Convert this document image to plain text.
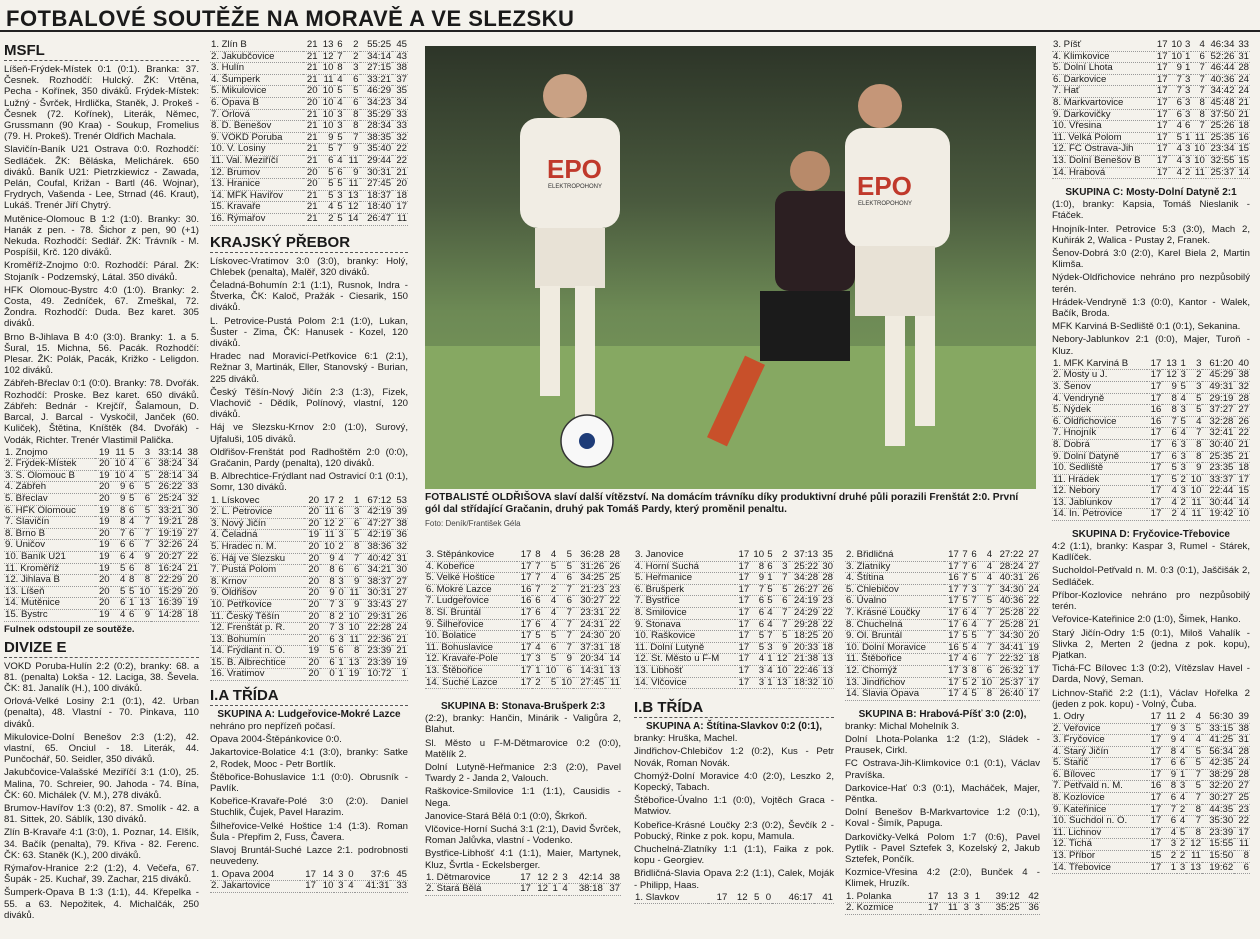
FOTBALOVÉ SOUTĚŽE NA MORAVĚ A VE SLEZSKU
MSFL

Líšeň-Frýdek-Místek 0:1 (0:1). Branka: 37. Česnek. Rozhodčí: Hulcký. ŽK: Vrtěna, Pecha - Kořínek, 350 diváků. Frýdek-Místek: Lužný - Švrček, Hrdlička, Staněk, J. Prokeš - Česnek (72. Kořínek), Literák, Němec, Grussmann (90 Kraa) - Soukup, Fromelius (79. H. Prokeš). Trenér Oldřich Machala.

Slavičín-Baník U21 Ostrava 0:0. Rozhodčí: Sedláček. ŽK: Běláska, Melichárek. 650 diváků. Baník U21: Pietrzkiewicz - Zawada, Pelán, Coufal, Križan - Bartl (46. Wojnar), Frydrych, Vašenda - Lee, Strnad (46. Kraut), Lukáš. Trenér Jiří Chytrý.

Mutěnice-Olomouc B 1:2 (1:0). Branky: 30. Hanák z pen. - 78. Šichor z pen, 90 (+1) Nekuda. Rozhodčí: Sedlář. ŽK: Trávník - M. Pospíšil, Krč. 120 diváků.

Kroměříž-Znojmo 0:0. Rozhodčí: Páral. ŽK: Stojaník - Podzemský, Látal. 350 diváků.

HFK Olomouc-Bystrc 4:0 (1:0). Branky: 2. Costa, 49. Zedníček, 67. Zmeškal, 72. Žondra. Rozhodčí: Duda. Bez karet. 305 diváků.

Brno B-Jihlava B 4:0 (3:0). Branky: 1. a 5. Šural, 15. Michna, 56. Pacák. Rozhodčí: Plesar. ŽK: Polák, Pacák, Križko - Leligdon. 102 diváků.

Zábřeh-Břeclav 0:1 (0:0). Branky: 78. Dvořák. Rozhodčí: Proske. Bez karet. 650 diváků. Zábřeh: Bednár - Krejčíř, Šalamoun, D. Barcal, J. Barcal - Vyskočil, Janček (60. Kuliček), Štětina, Kníštěk (84. Dvořák) - Vodák, Richter. Trenér Vlastimil Palička.

1. Znojmo	19	11	5	3	33:14	38
2. Frýdek-Místek	20	10	4	6	38:24	34
3. S. Olomouc B	19	10	4	5	28:14	34
4. Zábřeh	20	9	6	5	26:22	33
5. Břeclav	20	9	5	6	25:24	32
6. HFK Olomouc	19	8	6	5	33:21	30
7. Slavičín	19	8	4	7	19:21	28
8. Brno B	20	7	6	7	19:19	27
9. Uničov	19	6	6	7	32:26	24
10. Baník U21	19	6	4	9	20:27	22
11. Kroměříž	19	5	6	8	16:24	21
12. Jihlava B	20	4	8	8	22:29	20
13. Líšeň	20	5	5	10	15:29	20
14. Mutěnice	20	6	1	13	16:39	19
15. Bystrc	19	4	6	9	14:28	18
Fulnek odstoupil ze soutěže.
DIVIZE E

VOKD Poruba-Hulín 2:2 (0:2), branky: 68. a 81. (penalta) Lokša - 12. Laciga, 38. Ševela. ČK: 81. Janalík (H.), 100 diváků.

Orlová-Velké Losiny 2:1 (0:1), 42. Urban (penalta), 48. Vlastní - 70. Pinkava, 110 diváků.

Mikulovice-Dolní Benešov 2:3 (1:2), 42. vlastní, 65. Onciul - 18. Literák, 44. Punčochář, 50. Seidler, 350 diváků.

Jakubčovice-Valašské Meziříčí 3:1 (1:0), 25. Malina, 70. Schreier, 90. Jahoda - 74. Bína, ČK: 60. Michálek (V. M.), 278 diváků.

Brumov-Havířov 1:3 (0:2), 87. Smolík - 42. a 81. Sittek, 20. Sáblík, 130 diváků.

Zlín B-Kravaře 4:1 (3:0), 1. Poznar, 14. Elšík, 34. Bačík (penalta), 79. Křiva - 82. Ferenc. ČK: 63. Staněk (K.), 200 diváků.

Rýmařov-Hranice 2:2 (1:2), 4. Večeřa, 67. Šupák - 25. Kuchař, 39. Zachar, 215 diváků.

Šumperk-Opava B 1:3 (1:1), 44. Křepelka - 55. a 63. Nepožitek, 4. Michalčák, 250 diváků.

1. Zlín B	21	13	6	2	55:25	45
2. Jakubčovice	21	12	7	2	34:14	43
3. Hulín	21	10	8	3	27:15	38
4. Šumperk	21	11	4	6	33:21	37
5. Mikulovice	20	10	5	5	46:29	35
6. Opava B	20	10	4	6	34:23	34
7. Orlová	21	10	3	8	35:29	33
8. D. Benešov	21	10	3	8	28:34	33
9. VOKD Poruba	21	9	5	7	38:35	32
10. V. Losiny	21	5	7	9	35:40	22
11. Val. Meziříčí	21	6	4	11	29:44	22
12. Brumov	20	5	6	9	30:31	21
13. Hranice	20	5	5	11	27:45	20
14. MFK Havířov	21	5	3	13	18:37	18
15. Kravaře	21	4	5	12	18:40	17
16. Rýmařov	21	2	5	14	26:47	11
KRAJSKÝ PŘEBOR

Lískovec-Vratimov 3:0 (3:0), branky: Holý, Chlebek (penalta), Malěř, 320 diváků.

Čeladná-Bohumín 2:1 (1:1), Rusnok, Indra - Štverka, ČK: Kaloč, Pražák - Ciesarik, 150 diváků.

L. Petrovice-Pustá Polom 2:1 (1:0), Lukan, Šuster - Zima, ČK: Hanusek - Kozel, 120 diváků.

Hradec nad Moravicí-Petřkovice 6:1 (2:1), Režnar 3, Martinák, Eller, Stanovský - Burian, 225 diváků.

Český Těšín-Nový Jičín 2:3 (1:3), Fizek, Vlachovič - Dědík, Polínový, vlastní, 120 diváků.

Háj ve Slezsku-Krnov 2:0 (1:0), Surový, Ujfaluši, 105 diváků.

Oldřišov-Frenštát pod Radhoštěm 2:0 (0:0), Gračanin, Pardy (penalta), 120 diváků.

B. Albrechtice-Frýdlant nad Ostravicí 0:1 (0:1), Somr, 130 diváků.

1. Lískovec	20	17	2	1	67:12	53
2. L. Petrovice	20	11	6	3	42:19	39
3. Nový Jičín	20	12	2	6	47:27	38
4. Čeladná	19	11	3	5	42:19	36
5. Hradec n. M.	20	10	2	8	38:36	32
6. Háj ve Slezsku	20	9	4	7	40:42	31
7. Pustá Polom	20	8	6	6	34:21	30
8. Krnov	20	8	3	9	38:37	27
9. Oldřišov	20	9	0	11	30:31	27
10. Petřkovice	20	7	3	9	33:43	27
11. Český Těšín	20	8	2	10	29:31	26
12. Frenštát p. R.	20	7	3	10	22:28	24
13. Bohumín	20	6	3	11	22:36	21
14. Frýdlant n. O.	19	5	6	8	23:39	21
15. B. Albrechtice	20	6	1	13	23:39	19
16. Vratimov	20	0	1	19	10:72	1
I.A TŘÍDA
SKUPINA A: Ludgeřovice-Mokré Lazce

nehráno pro nepřízeň počasí.

Opava 2004-Štěpánkovice 0:0.

Jakartovice-Bolatice 4:1 (3:0), branky: Satke 2, Rodek, Mooc - Petr Bortlík.

Štěbořice-Bohuslavice 1:1 (0:0). Obrusník - Pavlík.

Kobeřice-Kravaře-Polé 3:0 (2:0). Daniel Stuchlik, Čujek, Pavel Harazim.

Šilheřovice-Velké Hoštice 1:4 (1:3). Roman Šula - Přepřim 2, Fuss, Čavera.

Slavoj Bruntál-Suché Lazce 2:1. podrobnosti neuvedeny.

1. Opava 2004	17	14	3	0	37:6	45
2. Jakartovice	17	10	3	4	41:31	33
EPO
ELEKTROPOHONY	EPO
ELEKTROPOHONY
FOTBALISTÉ OLDŘIŠOVA slaví další vítězství. Na domácím trávníku díky produktivní druhé půli porazili Frenštát 2:0. První gól dal střídající Gračanin, druhý pak Tomáš Pardy, který proměnil penaltu.
Foto: Deník/František Géla
3. Štěpánkovice	17	8	4	5	36:28	28
4. Kobeřice	17	7	5	5	31:26	26
5. Velké Hoštice	17	7	4	6	34:25	25
6. Mokré Lazce	16	7	2	7	21:23	23
7. Ludgeřovice	16	6	4	6	30:27	22
8. Sl. Bruntál	17	6	4	7	23:31	22
9. Šilheřovice	17	6	4	7	24:31	22
10. Bolatice	17	5	5	7	24:30	20
11. Bohuslavice	17	4	6	7	37:31	18
12. Kravaře-Pole	17	3	5	9	20:34	14
13. Štěbořice	17	1	10	6	14:31	13
14. Suché Lazce	17	2	5	10	27:45	11
SKUPINA B: Stonava-Brušperk 2:3

(2:2), branky: Hančin, Minárik - Valigůra 2, Blahut.

Sl. Město u F-M-Dětmarovice 0:2 (0:0), Matělík 2.

Dolní Lutyně-Heřmanice 2:3 (2:0), Pavel Twardy 2 - Janda 2, Valouch.

Raškovice-Smilovice 1:1 (1:1), Causidis - Nega.

Janovice-Stará Bělá 0:1 (0:0), Škrkoň.

Vlčovice-Horní Suchá 3:1 (2:1), David Švrček, Roman Jalůvka, vlastní - Vodenko.

Bystřice-Libhošť 4:1 (1:1), Maier, Martynek, Kluz, Švrtla - Eckelsberger.

1. Dětmarovice	17	12	2	3	42:14	38
2. Stará Bělá	17	12	1	4	38:18	37
3. Janovice	17	10	5	2	37:13	35
4. Horní Suchá	17	8	6	3	25:22	30
5. Heřmanice	17	9	1	7	34:28	28
6. Brušperk	17	7	5	5	26:27	26
7. Bystřice	17	6	5	6	24:19	23
8. Smilovice	17	6	4	7	24:29	22
9. Stonava	17	6	4	7	29:28	22
10. Raškovice	17	5	7	5	18:25	20
11. Dolní Lutyně	17	5	3	9	20:33	18
12. St. Město u F-M	17	4	1	12	21:38	13
13. Libhošť	17	3	4	10	22:46	13
14. Vlčovice	17	3	1	13	18:32	10
I.B TŘÍDA
SKUPINA A: Štítina-Slavkov 0:2 (0:1),

branky: Hruška, Machel.

Jindřichov-Chlebičov 1:2 (0:2), Kus - Petr Novák, Roman Novák.

Chomýž-Dolní Moravice 4:0 (2:0), Leszko 2, Kopecký, Tabach.

Štěbořice-Úvalno 1:1 (0:0), Vojtěch Graca - Matwiov.

Kobeřice-Krásné Loučky 2:3 (0:2), Ševčík 2 - Pobucký, Rinke z pok. kopu, Mamula.

Chuchelná-Zlatníky 1:1 (1:1), Faika z pok. kopu - Georgiev.

Břidličná-Slavia Opava 2:2 (1:1), Calek, Moják - Philipp, Haas.

1. Slavkov	17	12	5	0	46:17	41
2. Břidličná	17	7	6	4	27:22	27
3. Zlatníky	17	7	6	4	28:24	27
4. Štítina	16	7	5	4	40:31	26
5. Chlebičov	17	7	3	7	34:30	24
6. Úvalno	17	5	7	5	40:36	22
7. Krásné Loučky	17	6	4	7	25:28	22
8. Chuchelná	17	6	4	7	25:28	21
9. Ol. Bruntál	17	5	5	7	34:30	20
10. Dolní Moravice	16	5	4	7	34:41	19
11. Štěbořice	17	4	6	7	22:32	18
12. Chomýž	17	3	8	6	26:32	17
13. Jindřichov	17	5	2	10	25:37	17
14. Slavia Opava	17	4	5	8	26:40	17
SKUPINA B: Hrabová-Píšť 3:0 (2:0),

branky: Michal Mohelník 3.

Dolní Lhota-Polanka 1:2 (1:2), Sládek - Prausek, Cirkl.

FC Ostrava-Jih-Klimkovice 0:1 (0:1), Václav Pravíška.

Darkovice-Hať 0:3 (0:1), Macháček, Majer, Pěntka.

Dolní Benešov B-Markvartovice 1:2 (0:1), Koval - Šimík, Papuga.

Darkovičky-Velká Polom 1:7 (0:6), Pavel Pytlík - Pavel Sztefek 3, Kozelský 2, Jakub Sztefek, Pončík.

Kozmice-Vřesina 4:2 (2:0), Bunček 4 - Klimek, Hruzík.

1. Polanka	17	13	3	1	39:12	42
2. Kozmice	17	11	3	3	35:25	36
3. Píšť	17	10	3	4	46:34	33
4. Klimkovice	17	10	1	6	52:26	31
5. Dolní Lhota	17	9	1	7	46:44	28
6. Darkovice	17	7	3	7	40:36	24
7. Hať	17	7	3	7	34:42	24
8. Markvartovice	17	6	3	8	45:48	21
9. Darkovičky	17	6	3	8	37:50	21
10. Vřesina	17	4	6	7	25:26	18
11. Velká Polom	17	5	1	11	25:35	16
12. FC Ostrava-Jih	17	4	3	10	23:34	15
13. Dolní Benešov B	17	4	3	10	32:55	15
14. Hrabová	17	4	2	11	25:37	14
SKUPINA C: Mosty-Dolní Datyně 2:1

(1:0), branky: Kapsia, Tomáš Nieslanik - Ftáček.

Hnojník-Inter. Petrovice 5:3 (3:0), Mach 2, Kuňirák 2, Walica - Pustay 2, Franek.

Šenov-Dobrá 3:0 (2:0), Karel Biela 2, Martin Klimša.

Nýdek-Oldřichovice nehráno pro nezpůsobilý terén.

Hrádek-Vendryně 1:3 (0:0), Kantor - Walek, Bačík, Broda.

MFK Karviná B-Sedliště 0:1 (0:1), Sekanina.

Nebory-Jablunkov 2:1 (0:0), Majer, Turoň - Kluz.

1. MFK Karviná B	17	13	1	3	61:20	40
2. Mosty u J.	17	12	3	2	45:29	38
3. Šenov	17	9	5	3	49:31	32
4. Vendryně	17	8	4	5	29:19	28
5. Nýdek	16	8	3	5	37:27	27
6. Oldřichovice	16	7	5	4	32:28	26
7. Hnojník	17	6	4	7	32:41	22
8. Dobrá	17	6	3	8	30:40	21
9. Dolní Datyně	17	6	3	8	25:35	21
10. Sedliště	17	5	3	9	23:35	18
11. Hrádek	17	5	2	10	33:37	17
12. Nebory	17	4	3	10	22:44	15
13. Jablunkov	17	4	2	11	30:44	14
14. In. Petrovice	17	2	4	11	19:42	10
SKUPINA D: Fryčovice-Třebovice

4:2 (1:1), branky: Kaspar 3, Rumel - Stárek, Kadlíček.

Sucholdol-Petřvald n. M. 0:3 (0:1), Jaščišák 2, Sedláček.

Příbor-Kozlovice nehráno pro nezpůsobilý terén.

Veřovice-Kateřinice 2:0 (1:0), Šimek, Hanko.

Starý Jičín-Odry 1:5 (0:1), Miloš Vahalík - Slivka 2, Merten 2 (jedna z pok. kopu), Pjatkan.

Tichá-FC Bílovec 1:3 (0:2), Vítězslav Havel - Darda, Nový, Seman.

Lichnov-Stařič 2:2 (1:1), Václav Hořelka 2 (jeden z pok. kopu) - Volný, Čuba.

1. Odry	17	11	2	4	56:30	39
2. Veřovice	17	9	3	5	33:15	38
3. Fryčovice	17	9	4	4	41:25	31
4. Starý Jičín	17	8	4	5	56:34	28
5. Stařič	17	6	6	5	42:35	24
6. Bílovec	17	9	1	7	38:29	28
7. Petřvald n. M.	16	8	3	5	32:20	27
8. Kozlovice	17	6	4	7	30:27	25
9. Kateřinice	17	7	2	8	44:35	23
10. Suchdol n. O.	17	6	4	7	35:30	22
11. Lichnov	17	4	5	8	23:39	17
12. Tichá	17	3	2	12	15:55	11
13. Příbor	15	2	2	11	15:50	8
14. Třebovice	17	1	3	13	19:62	6
